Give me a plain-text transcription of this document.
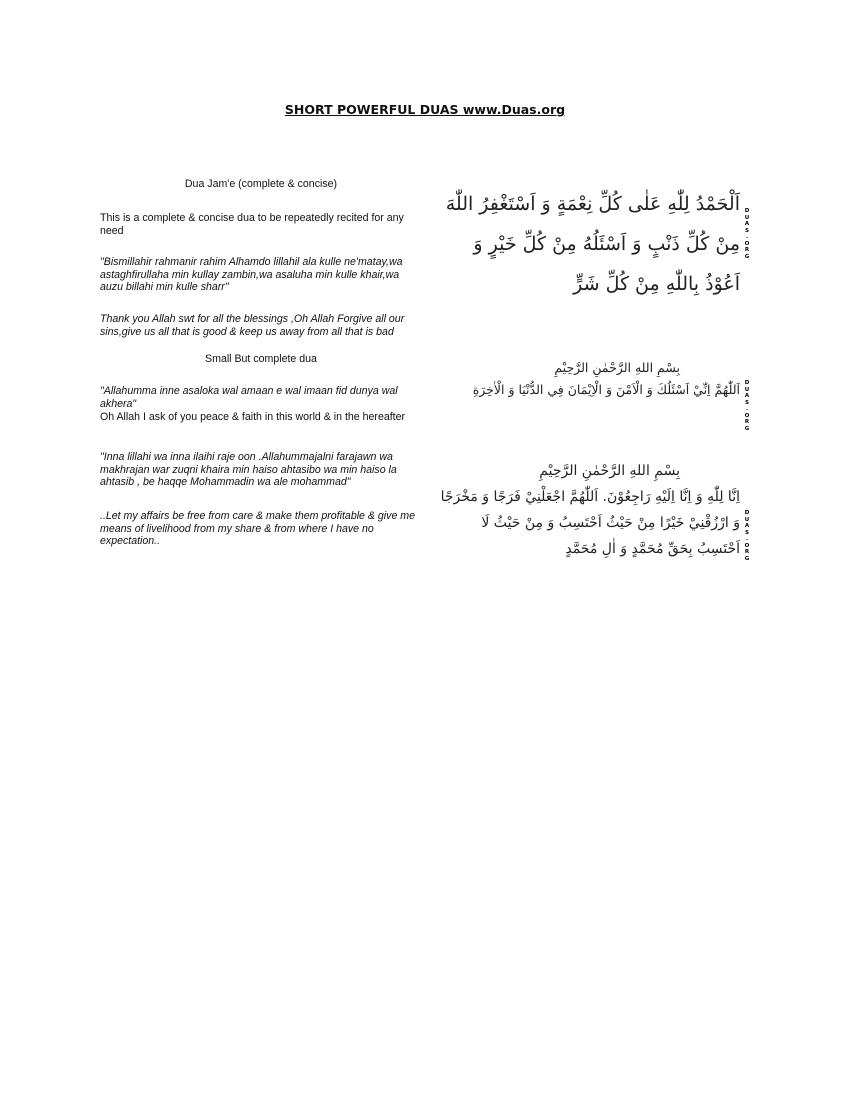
SHORT POWERFUL DUAS www.Duas.org

Dua Jam'e (complete & concise)

This is a complete & concise dua to be repeatedly recited for any need

"Bismillahir rahmanir rahim Alhamdo lillahil ala kulle ne'matay,wa astaghfirullaha min kullay zambin,wa asaluha min kulle khair,wa auzu billahi min kulle sharr"

Thank you Allah swt for all the blessings ,Oh Allah Forgive all our sins,give us all that is good & keep us away from all that is bad

اَلْحَمْدُ لِلّٰهِ عَلٰى كُلِّ نِعْمَةٍ وَ اَسْتَغْفِرُ اللّٰهَ مِنْ كُلِّ ذَنْبٍ وَ اَسْئَلُهُ مِنْ كُلِّ خَيْرٍ وَ اَعُوْذُ بِاللّٰهِ مِنْ كُلِّ شَرٍّ

Small But complete dua

"Allahumma inne asaloka wal amaan e wal imaan fid dunya wal akhera"

Oh Allah I ask of you peace & faith in this world & in the hereafter

بِسْمِ اللهِ الرَّحْمٰنِ الرَّحِيْمِ
اَللّٰهُمَّ اِنِّيْ اَسْئَلُكَ وَ الْاَمْنَ وَ الْاِيْمَانَ فِي الدُّنْيَا وَ الْاٰخِرَةِ

"Inna lillahi wa inna ilaihi raje oon .Allahummajalni farajawn wa makhrajan war zuqni khaira min haiso ahtasibo wa min haiso la ahtasib , be haqqe Mohammadin wa ale mohammad"

..Let my affairs be free from care & make them profitable & give me means of livelihood from my share & from where I have no expectation..

بِسْمِ اللهِ الرَّحْمٰنِ الرَّحِيْمِ
اِنَّا لِلّٰهِ وَ اِنَّا اِلَيْهِ رَاجِعُوْنَ. اَللّٰهُمَّ اجْعَلْنِيْ فَرَجًا وَ مَخْرَجًا وَ ارْزُقْنِيْ خَيْرًا مِنْ حَيْثُ اَحْتَسِبُ وَ مِنْ حَيْثُ لَا اَحْتَسِبُ بِحَقِّ مُحَمَّدٍ وَ اٰلِ مُحَمَّدٍ
D
U
A
S
.
O
R
G
D
U
A
S
.
O
R
G
D
U
A
S
.
O
R
G
